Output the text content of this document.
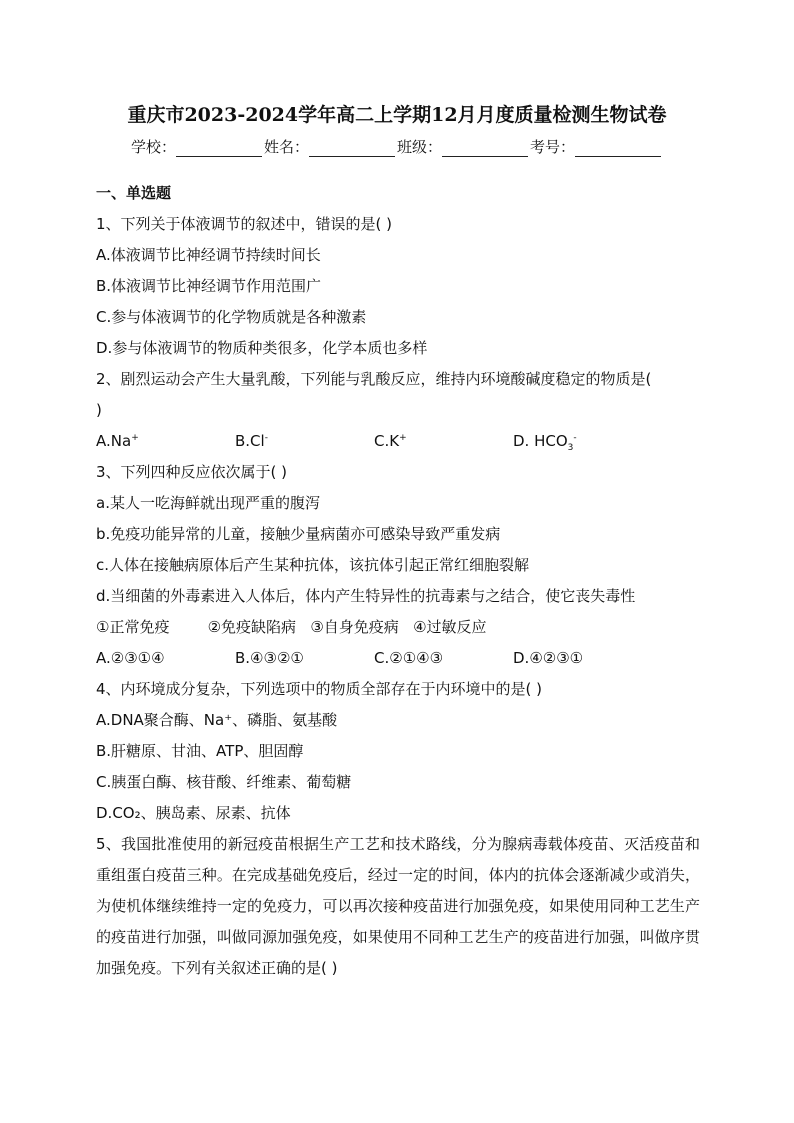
重庆市2023-2024学年高二上学期12月月度质量检测生物试卷
学校：	姓名：	班级：	考号：
一、单选题
1、下列关于体液调节的叙述中，错误的是( )
A.体液调节比神经调节持续时间长
B.体液调节比神经调节作用范围广
C.参与体液调节的化学物质就是各种激素
D.参与体液调节的物质种类很多，化学本质也多样
2、剧烈运动会产生大量乳酸，下列能与乳酸反应，维持内环境酸碱度稳定的物质是(
)
A.Na+	B.Cl-	C.K+	D. $HCO_3^-$
3、下列四种反应依次属于( )
a.某人一吃海鲜就出现严重的腹泻
b.免疫功能异常的儿童，接触少量病菌亦可感染导致严重发病
c.人体在接触病原体后产生某种抗体，该抗体引起正常红细胞裂解
d.当细菌的外毒素进入人体后，体内产生特异性的抗毒素与之结合，使它丧失毒性
①正常免疫        ②免疫缺陷病   ③自身免疫病   ④过敏反应
A.②③①④	B.④③②①	C.②①④③	D.④②③①
4、内环境成分复杂，下列选项中的物质全部存在于内环境中的是( )
A.DNA聚合酶、Na⁺、磷脂、氨基酸
B.肝糖原、甘油、ATP、胆固醇
C.胰蛋白酶、核苷酸、纤维素、葡萄糖
D.CO₂、胰岛素、尿素、抗体
5、我国批准使用的新冠疫苗根据生产工艺和技术路线，分为腺病毒载体疫苗、灭活疫苗和重组蛋白疫苗三种。在完成基础免疫后，经过一定的时间，体内的抗体会逐渐减少或消失，为使机体继续维持一定的免疫力，可以再次接种疫苗进行加强免疫，如果使用同种工艺生产的疫苗进行加强，叫做同源加强免疫，如果使用不同种工艺生产的疫苗进行加强，叫做序贯加强免疫。下列有关叙述正确的是( )
